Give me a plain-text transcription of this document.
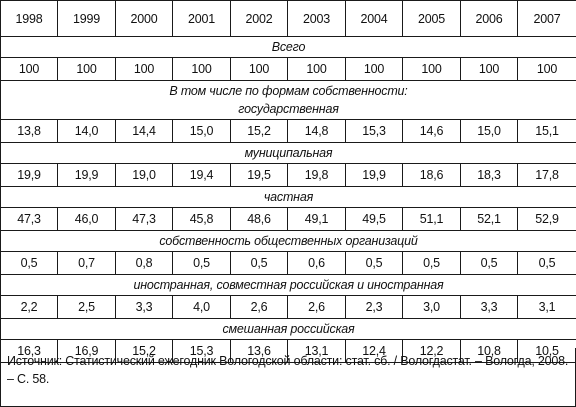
1998	1999	2000	2001	2002	2003	2004	2005	2006	2007
Всего									
100	100	100	100	100	100	100	100	100	100
В том числе по формам собственности:
государственная									
13,8	14,0	14,4	15,0	15,2	14,8	15,3	14,6	15,0	15,1
муниципальная									
19,9	19,9	19,0	19,4	19,5	19,8	19,9	18,6	18,3	17,8
частная									
47,3	46,0	47,3	45,8	48,6	49,1	49,5	51,1	52,1	52,9
собственность общественных организаций									
0,5	0,7	0,8	0,5	0,5	0,6	0,5	0,5	0,5	0,5
иностранная, совместная российская и иностранная									
2,2	2,5	3,3	4,0	2,6	2,6	2,3	3,0	3,3	3,1
смешанная российская									
16,3	16,9	15,2	15,3	13,6	13,1	12,4	12,2	10,8	10,5
Источник: Статистический ежегодник Вологодской области: стат. сб. / Вологдастат. – Вологда, 2008. – С. 58.
